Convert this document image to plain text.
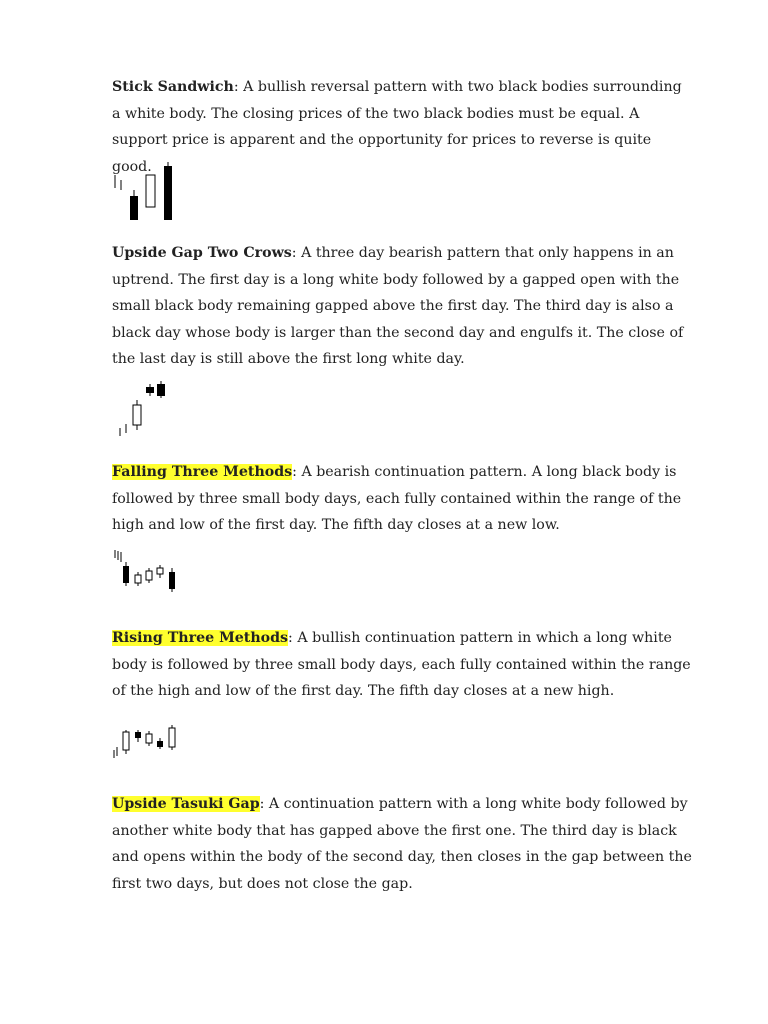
Stick Sandwich: A bullish reversal pattern with two black bodies surrounding a white body. The closing prices of the two black bodies must be equal. A support price is apparent and the opportunity for prices to reverse is quite good.

Upside Gap Two Crows: A three day bearish pattern that only happens in an uptrend. The first day is a long white body followed by a gapped open with the small black body remaining gapped above the first day. The third day is also a black day whose body is larger than the second day and engulfs it. The close of the last day is still above the first long white day.

Falling Three Methods: A bearish continuation pattern. A long black body is followed by three small body days, each fully contained within the range of the high and low of the first day. The fifth day closes at a new low.

Rising Three Methods: A bullish continuation pattern in which a long white body is followed by three small body days, each fully contained within the range of the high and low of the first day. The fifth day closes at a new high.

Upside Tasuki Gap: A continuation pattern with a long white body followed by another white body that has gapped above the first one. The third day is black and opens within the body of the second day, then closes in the gap between the first two days, but does not close the gap.
